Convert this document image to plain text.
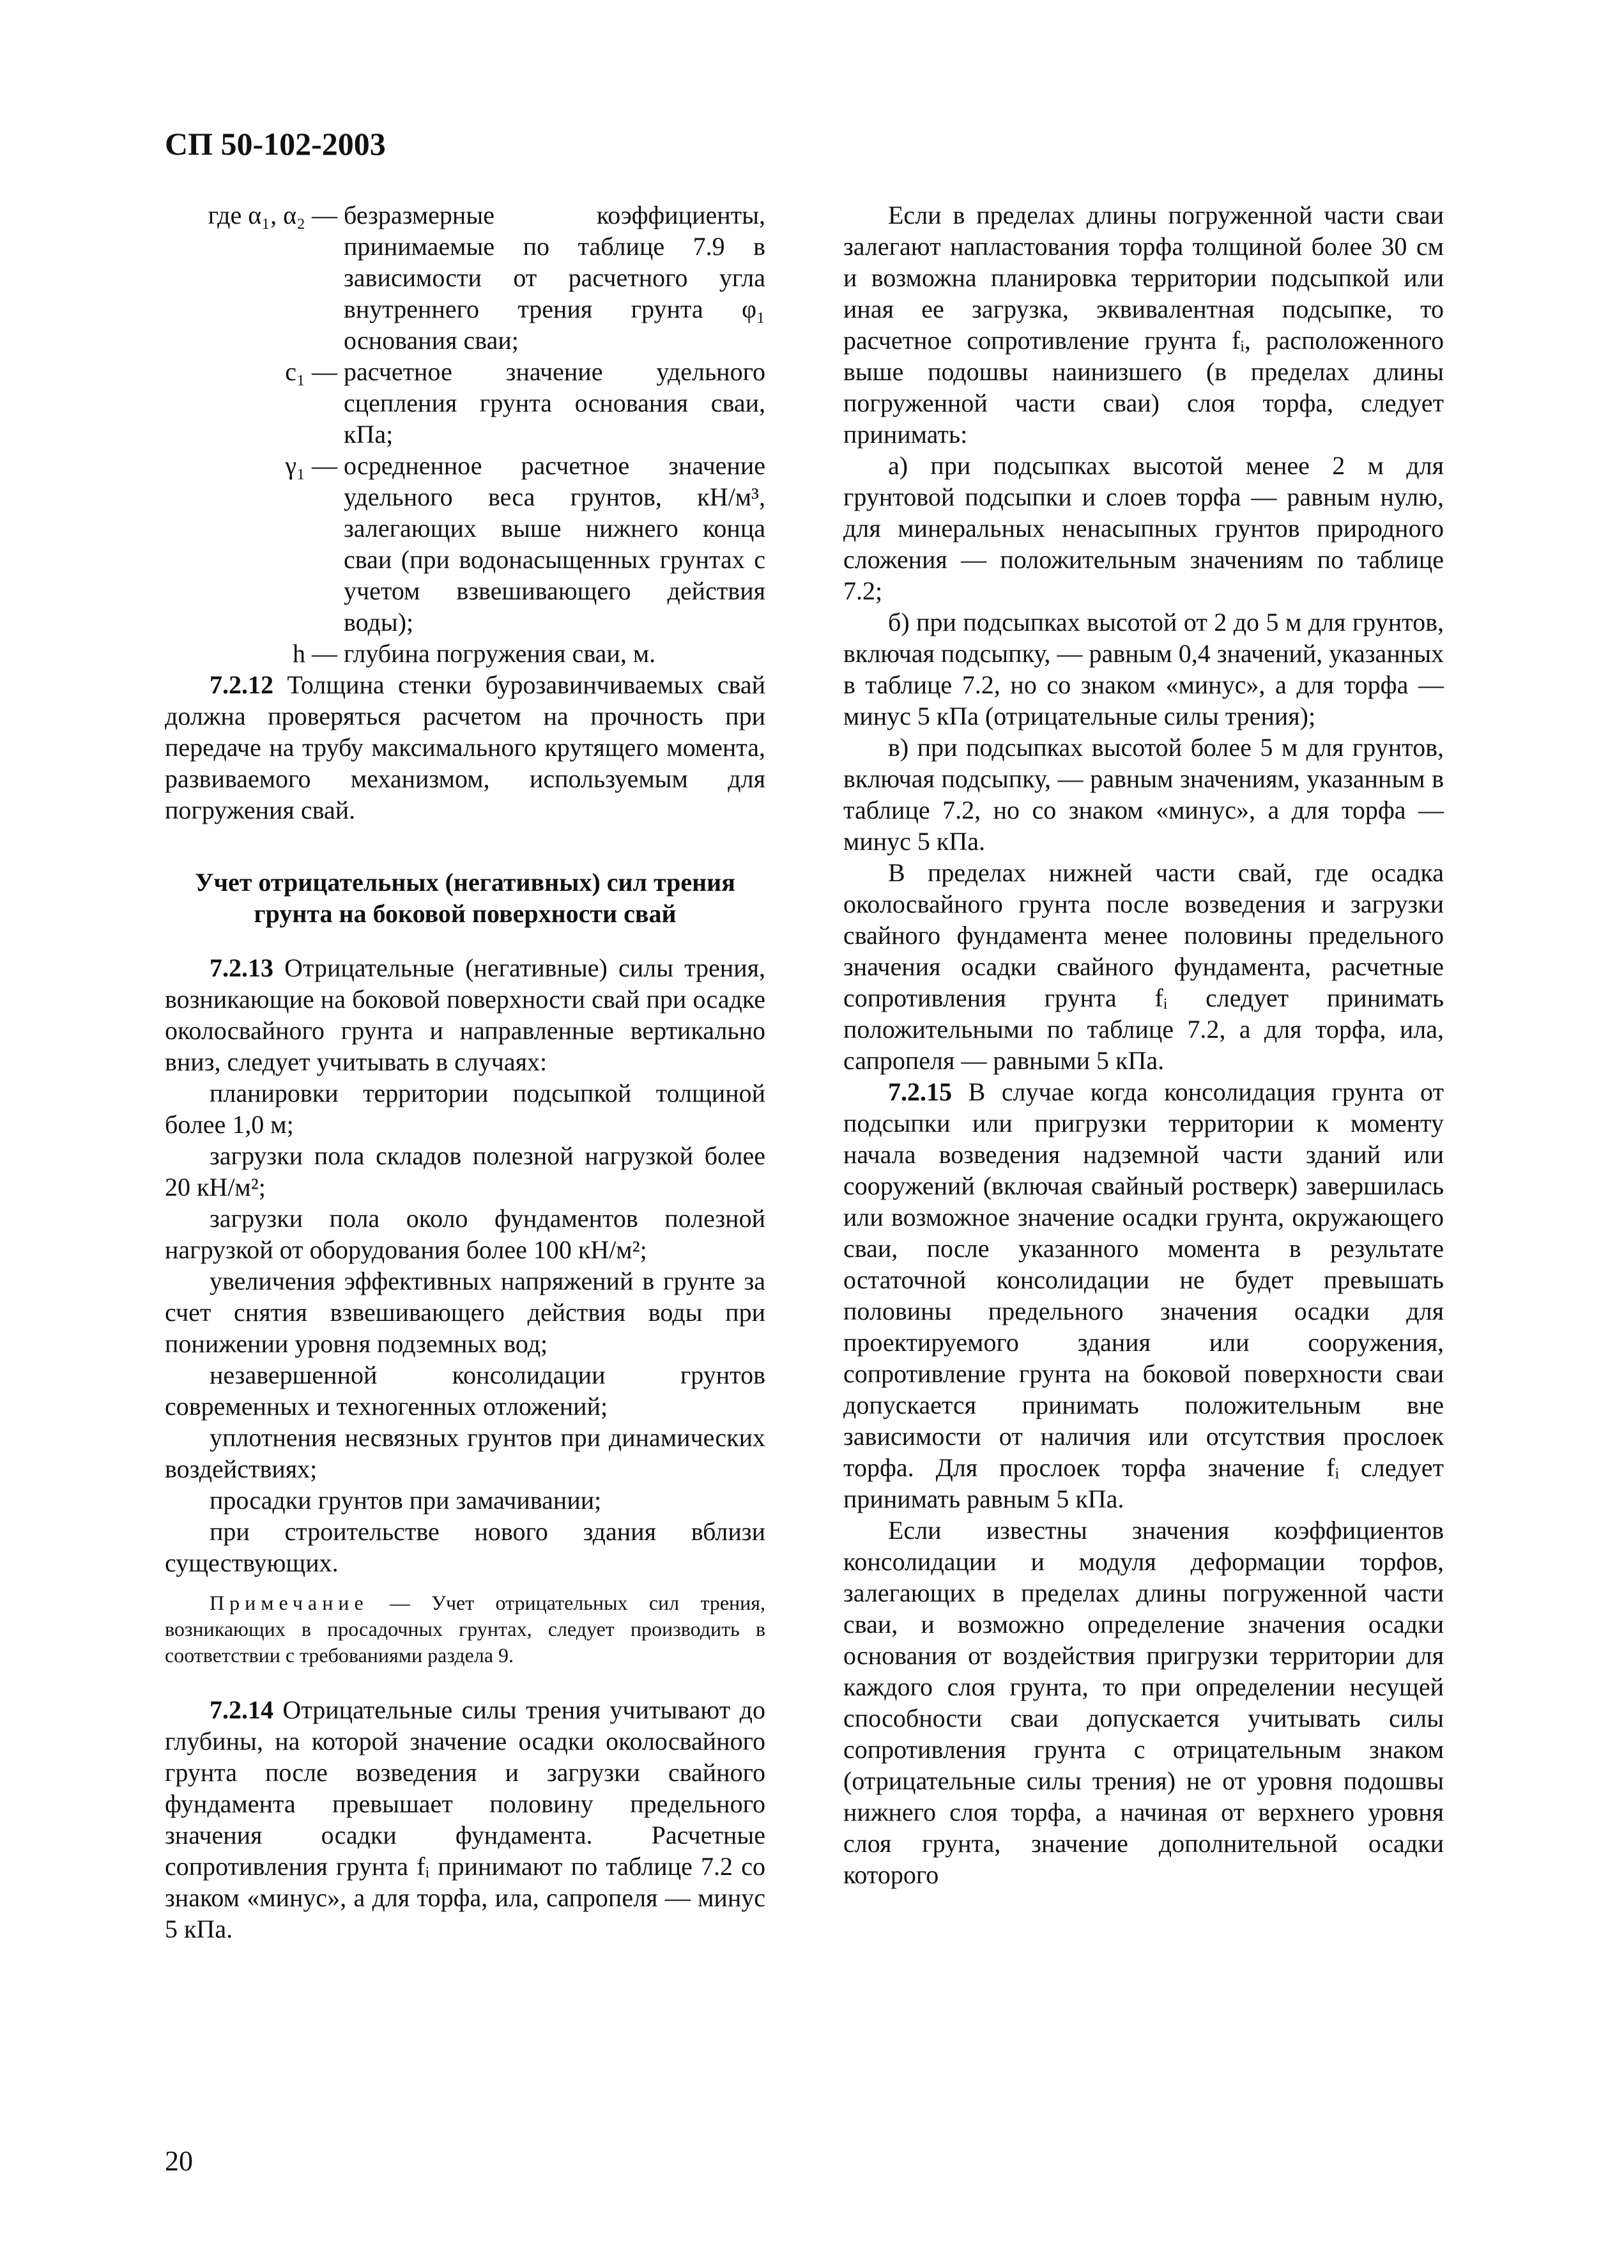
СП 50-102-2003
где α₁, α₂ — безразмерные коэффициенты, принимаемые по таблице 7.9 в зависимости от расчетного угла внутреннего трения грунта φ₁ основания сваи;
c₁ — расчетное значение удельного сцепления грунта основания сваи, кПа;
γ₁ — осредненное расчетное значение удельного веса грунтов, кН/м³, залегающих выше нижнего конца сваи (при водонасыщенных грунтах с учетом взвешивающего действия воды);
h — глубина погружения сваи, м.

7.2.12 Толщина стенки бурозавинчиваемых свай должна проверяться расчетом на прочность при передаче на трубу максимального крутящего момента, развиваемого механизмом, используемым для погружения свай.

Учет отрицательных (негативных) сил трения грунта на боковой поверхности свай

7.2.13 Отрицательные (негативные) силы трения, возникающие на боковой поверхности свай при осадке околосвайного грунта и направленные вертикально вниз, следует учитывать в случаях:

планировки территории подсыпкой толщиной более 1,0 м;

загрузки пола складов полезной нагрузкой более 20 кН/м²;

загрузки пола около фундаментов полезной нагрузкой от оборудования более 100 кН/м²;

увеличения эффективных напряжений в грунте за счет снятия взвешивающего действия воды при понижении уровня подземных вод;

незавершенной консолидации грунтов современных и техногенных отложений;

уплотнения несвязных грунтов при динамических воздействиях;

просадки грунтов при замачивании;

при строительстве нового здания вблизи существующих.

Примечание — Учет отрицательных сил трения, возникающих в просадочных грунтах, следует производить в соответствии с требованиями раздела 9.

7.2.14 Отрицательные силы трения учитывают до глубины, на которой значение осадки околосвайного грунта после возведения и загрузки свайного фундамента превышает половину предельного значения осадки фундамента. Расчетные сопротивления грунта fᵢ принимают по таблице 7.2 со знаком «минус», а для торфа, ила, сапропеля — минус 5 кПа.

Если в пределах длины погруженной части сваи залегают напластования торфа толщиной более 30 см и возможна планировка территории подсыпкой или иная ее загрузка, эквивалентная подсыпке, то расчетное сопротивление грунта fᵢ, расположенного выше подошвы наинизшего (в пределах длины погруженной части сваи) слоя торфа, следует принимать:

а) при подсыпках высотой менее 2 м для грунтовой подсыпки и слоев торфа — равным нулю, для минеральных ненасыпных грунтов природного сложения — положительным значениям по таблице 7.2;

б) при подсыпках высотой от 2 до 5 м для грунтов, включая подсыпку, — равным 0,4 значений, указанных в таблице 7.2, но со знаком «минус», а для торфа — минус 5 кПа (отрицательные силы трения);

в) при подсыпках высотой более 5 м для грунтов, включая подсыпку, — равным значениям, указанным в таблице 7.2, но со знаком «минус», а для торфа — минус 5 кПа.

В пределах нижней части свай, где осадка околосвайного грунта после возведения и загрузки свайного фундамента менее половины предельного значения осадки свайного фундамента, расчетные сопротивления грунта fᵢ следует принимать положительными по таблице 7.2, а для торфа, ила, сапропеля — равными 5 кПа.

7.2.15 В случае когда консолидация грунта от подсыпки или пригрузки территории к моменту начала возведения надземной части зданий или сооружений (включая свайный ростверк) завершилась или возможное значение осадки грунта, окружающего сваи, после указанного момента в результате остаточной консолидации не будет превышать половины предельного значения осадки для проектируемого здания или сооружения, сопротивление грунта на боковой поверхности сваи допускается принимать положительным вне зависимости от наличия или отсутствия прослоек торфа. Для прослоек торфа значение fᵢ следует принимать равным 5 кПа.

Если известны значения коэффициентов консолидации и модуля деформации торфов, залегающих в пределах длины погруженной части сваи, и возможно определение значения осадки основания от воздействия пригрузки территории для каждого слоя грунта, то при определении несущей способности сваи допускается учитывать силы сопротивления грунта с отрицательным знаком (отрицательные силы трения) не от уровня подошвы нижнего слоя торфа, а начиная от верхнего уровня слоя грунта, значение дополнительной осадки которого

20
